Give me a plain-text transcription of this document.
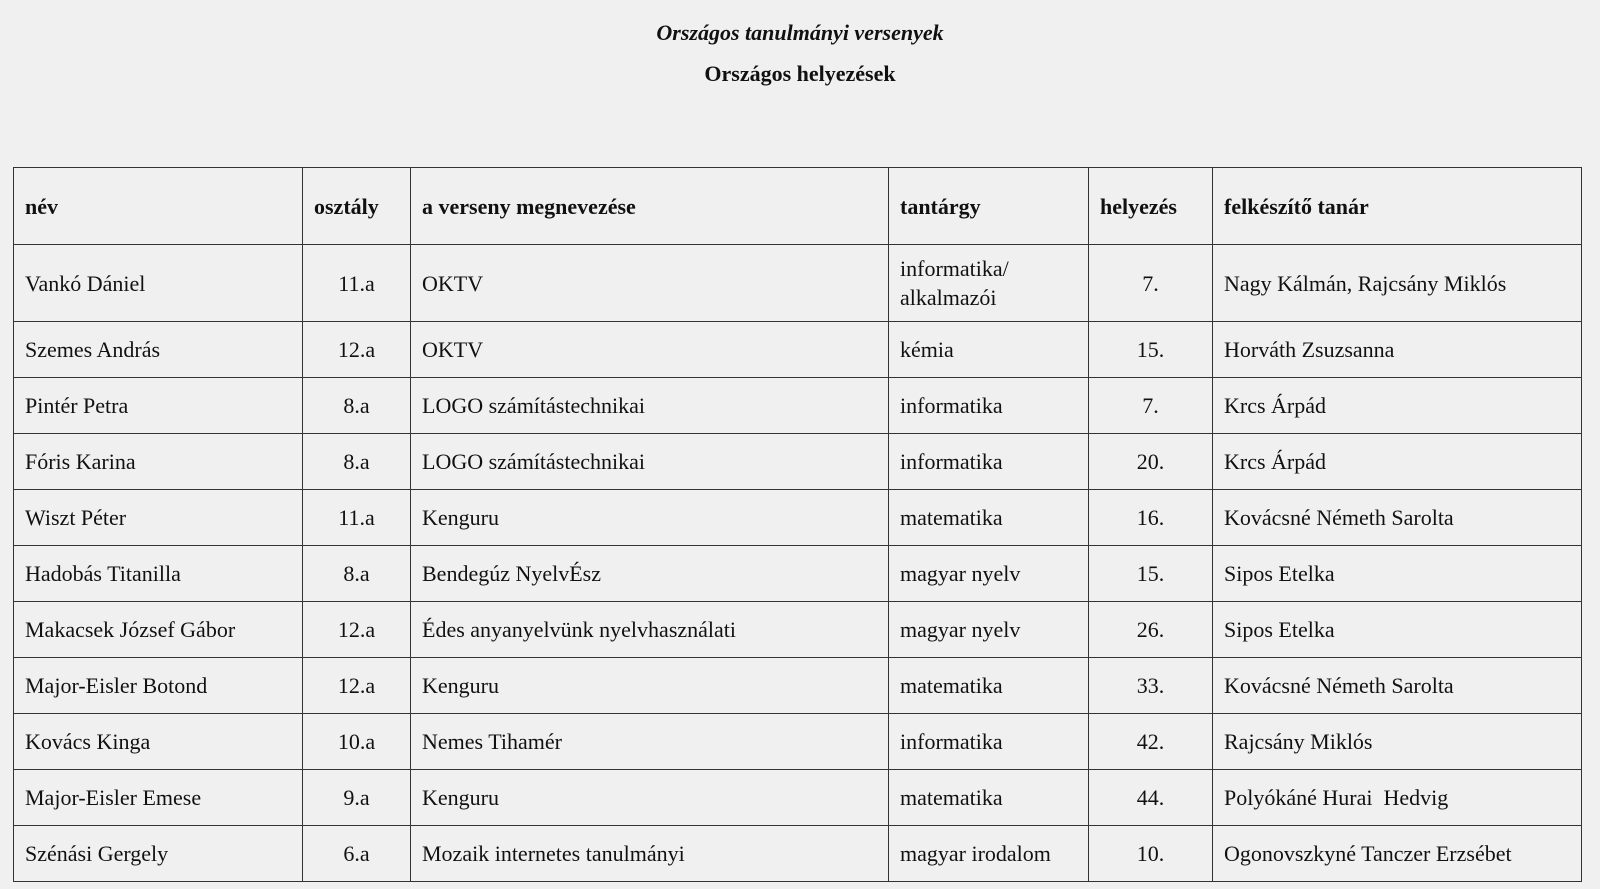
Országos tanulmányi versenyek
Országos helyezések
név	osztály	a verseny megnevezése	tantárgy	helyezés	felkészítő tanár
Vankó Dániel	11.a	OKTV	informatika/ alkalmazói	7.	Nagy Kálmán, Rajcsány Miklós
Szemes András	12.a	OKTV	kémia	15.	Horváth Zsuzsanna
Pintér Petra	8.a	LOGO számítástechnikai	informatika	7.	Krcs Árpád
Fóris Karina	8.a	LOGO számítástechnikai	informatika	20.	Krcs Árpád
Wiszt Péter	11.a	Kenguru	matematika	16.	Kovácsné Németh Sarolta
Hadobás Titanilla	8.a	Bendegúz NyelvÉsz	magyar nyelv	15.	Sipos Etelka
Makacsek József Gábor	12.a	Édes anyanyelvünk nyelvhasználati	magyar nyelv	26.	Sipos Etelka
Major-Eisler Botond	12.a	Kenguru	matematika	33.	Kovácsné Németh Sarolta
Kovács Kinga	10.a	Nemes Tihamér	informatika	42.	Rajcsány Miklós
Major-Eisler Emese	9.a	Kenguru	matematika	44.	Polyókáné Hurai  Hedvig
Szénási Gergely	6.a	Mozaik internetes tanulmányi	magyar irodalom	10.	Ogonovszkyné Tanczer Erzsébet
